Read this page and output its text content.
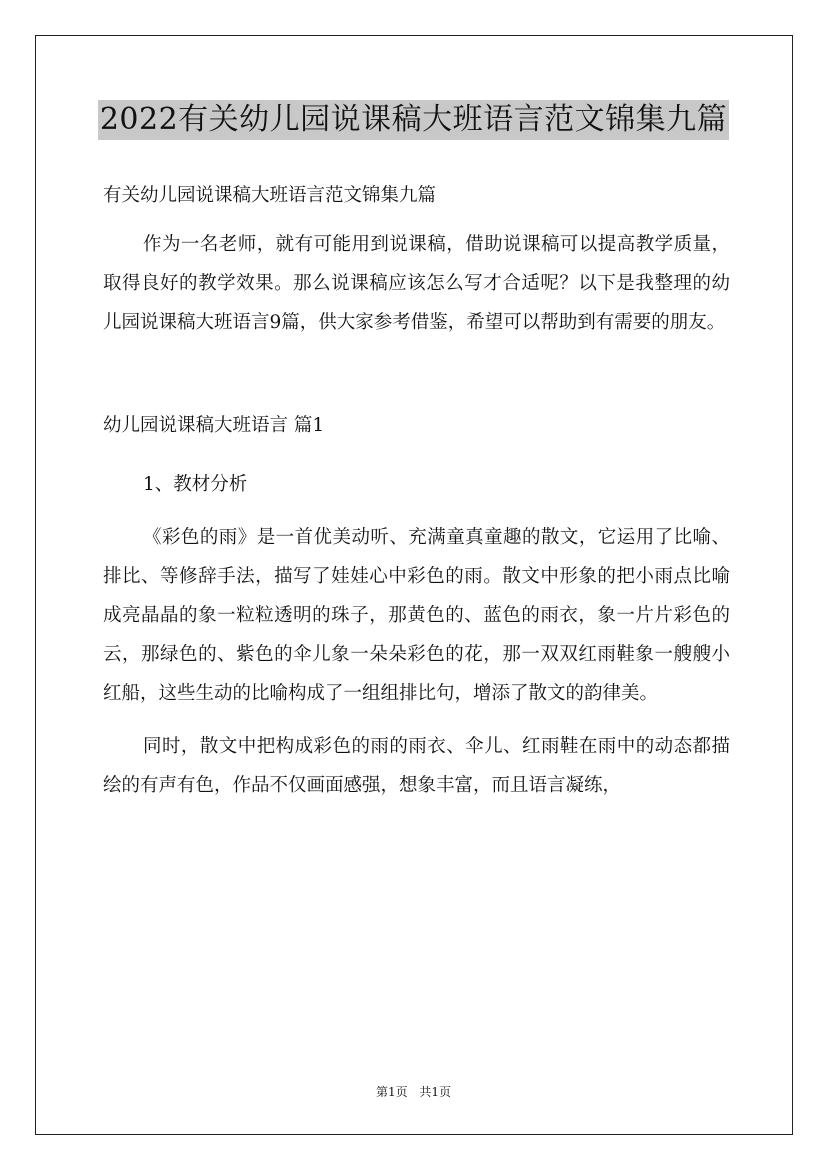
2022有关幼儿园说课稿大班语言范文锦集九篇

有关幼儿园说课稿大班语言范文锦集九篇

作为一名老师，就有可能用到说课稿，借助说课稿可以提高教学质量，取得良好的教学效果。那么说课稿应该怎么写才合适呢？以下是我整理的幼儿园说课稿大班语言9篇，供大家参考借鉴，希望可以帮助到有需要的朋友。

幼儿园说课稿大班语言 篇1

1、教材分析

《彩色的雨》是一首优美动听、充满童真童趣的散文，它运用了比喻、排比、等修辞手法，描写了娃娃心中彩色的雨。散文中形象的把小雨点比喻成亮晶晶的象一粒粒透明的珠子，那黄色的、蓝色的雨衣，象一片片彩色的云，那绿色的、紫色的伞儿象一朵朵彩色的花，那一双双红雨鞋象一艘艘小红船，这些生动的比喻构成了一组组排比句，增添了散文的韵律美。

同时，散文中把构成彩色的雨的雨衣、伞儿、红雨鞋在雨中的动态都描绘的有声有色，作品不仅画面感强，想象丰富，而且语言凝练，

第1页 共1页
